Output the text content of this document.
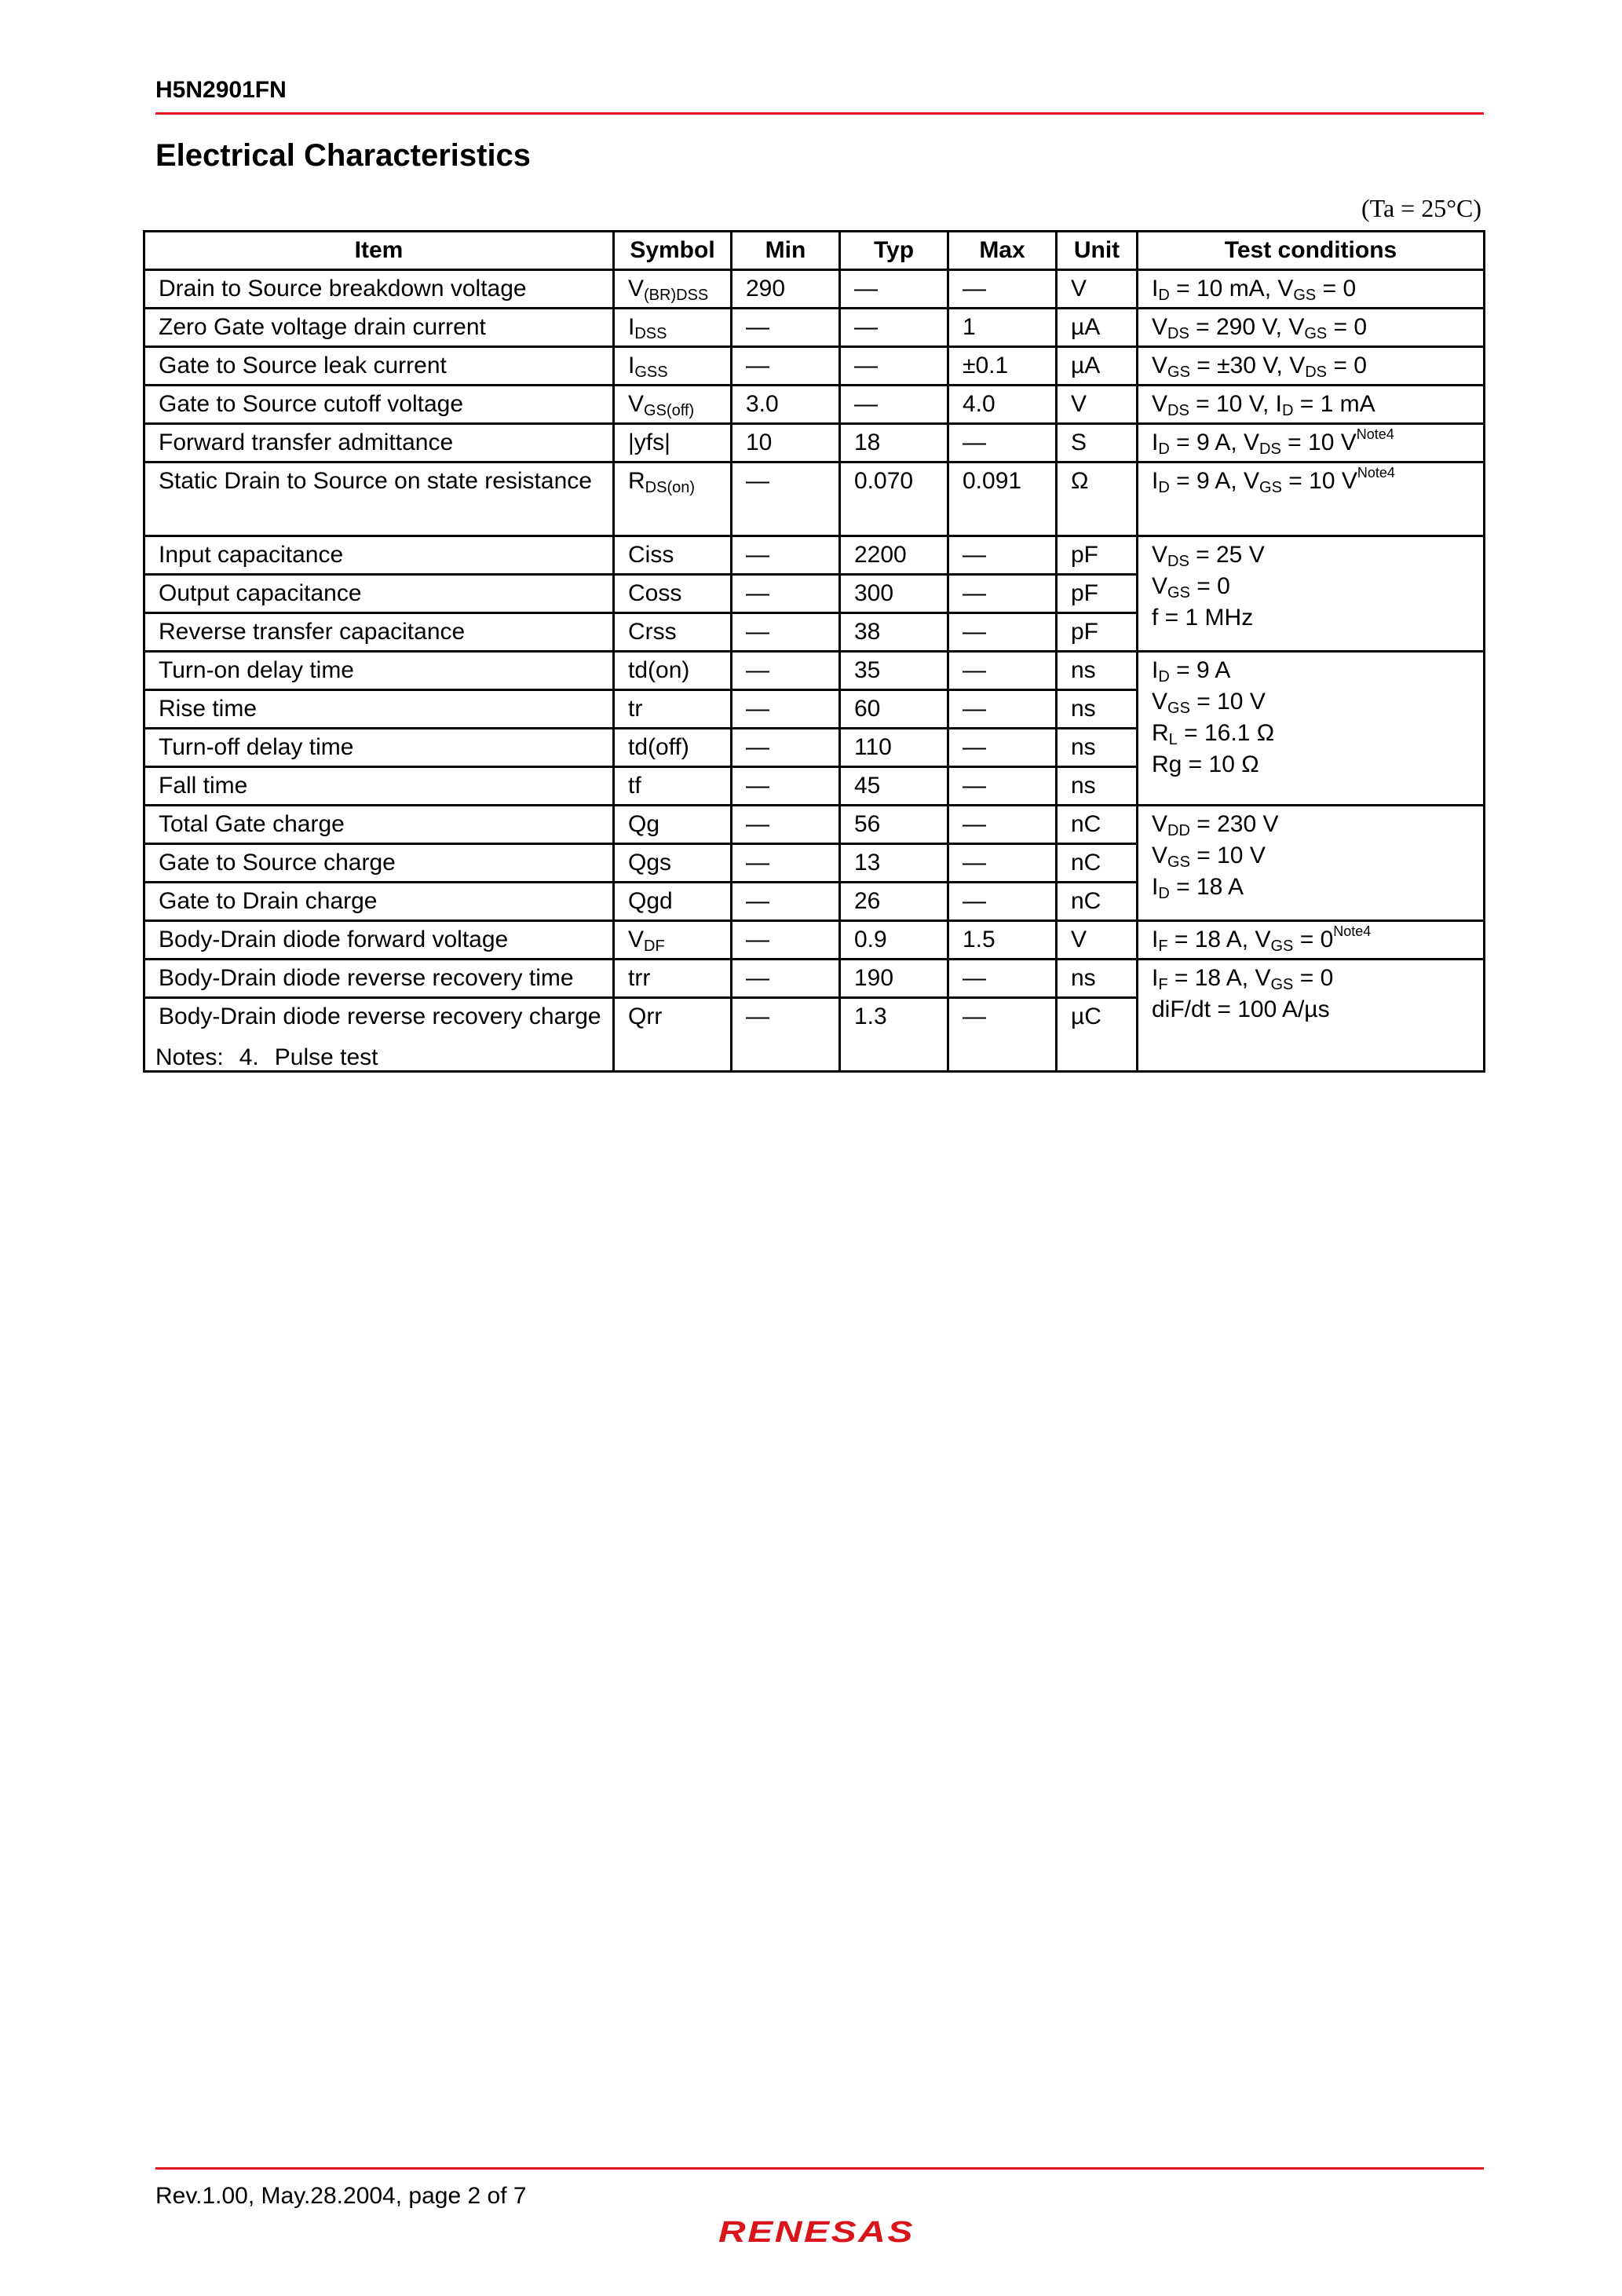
H5N2901FN
Electrical Characteristics
(Ta = 25°C)
Item	Symbol	Min	Typ	Max	Unit	Test conditions
Drain to Source breakdown voltage	$V_{(BR)DSS}$	290	—	—	V	$I_D = 10$ mA, $V_{GS} = 0$
Zero Gate voltage drain current	$I_{DSS}$	—	—	1	µA	$V_{DS} = 290$ V, $V_{GS} = 0$
Gate to Source leak current	$I_{GSS}$	—	—	±0.1	µA	$V_{GS} = \pm 30$ V, $V_{DS} = 0$
Gate to Source cutoff voltage	$V_{GS(off)}$	3.0	—	4.0	V	$V_{DS} = 10$ V, $I_D = 1$ mA
Forward transfer admittance	|yfs|	10	18	—	S	$I_D = 9$ A, $V_{DS} = 10$ $V^{Note4}$
Static Drain to Source on state resistance	$R_{DS(on)}$	—	0.070	0.091	Ω	$I_D = 9$ A, $V_{GS} = 10$ $V^{Note4}$
Input capacitance	Ciss	—	2200	—	pF	$V_{DS} = 25$ V
$V_{GS} = 0$
f = 1 MHz
Output capacitance	Coss	—	300	—	pF	
Reverse transfer capacitance	Crss	—	38	—	pF	
Turn-on delay time	td(on)	—	35	—	ns	$I_D = 9$ A
$V_{GS} = 10$ V
$R_L = 16.1$ Ω
Rg = 10 Ω
Rise time	tr	—	60	—	ns	
Turn-off delay time	td(off)	—	110	—	ns	
Fall time	tf	—	45	—	ns	
Total Gate charge	Qg	—	56	—	nC	$V_{DD} = 230$ V
$V_{GS} = 10$ V
$I_D = 18$ A
Gate to Source charge	Qgs	—	13	—	nC	
Gate to Drain charge	Qgd	—	26	—	nC	
Body-Drain diode forward voltage	$V_{DF}$	—	0.9	1.5	V	$I_F = 18$ A, $V_{GS} = 0^{Note4}$
Body-Drain diode reverse recovery time	trr	—	190	—	ns	$I_F = 18$ A, $V_{GS} = 0$
diF/dt = 100 A/µs
Body-Drain diode reverse recovery charge	Qrr	—	1.3	—	µC	
Notes: 4. Pulse test
Rev.1.00, May.28.2004, page 2 of 7
RENESAS
